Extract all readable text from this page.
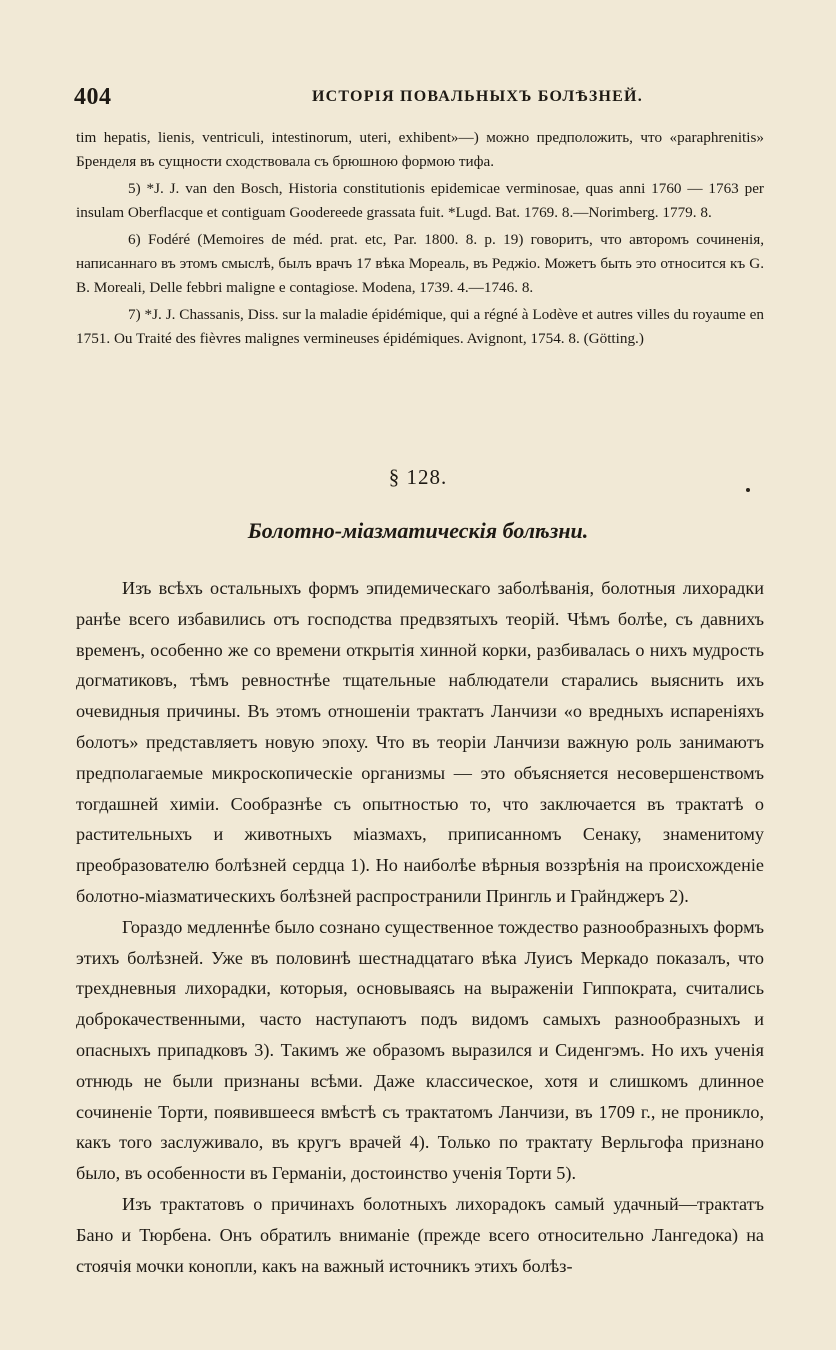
404	ИСТОРІЯ ПОВАЛЬНЫХЪ БОЛѢЗНЕЙ.

tim hepatis, lienis, ventriculi, intestinorum, uteri, exhibent»—) можно предположить, что «paraphrenitis» Бренделя въ сущности сходствовала съ брюшною формою тифа.

5) *J. J. van den Bosch, Historia constitutionis epidemicae verminosae, quas anni 1760 — 1763 per insulam Oberflacque et contiguam Goodereede grassata fuit. *Lugd. Bat. 1769. 8.—Norimberg. 1779. 8.

6) Fodéré (Memoires de méd. prat. etc, Par. 1800. 8. p. 19) говоритъ, что авторомъ сочиненія, написаннаго въ этомъ смыслѣ, былъ врачъ 17 вѣка Мореаль, въ Реджіо. Можетъ быть это относится къ G. B. Moreali, Delle febbri maligne e contagiose. Modena, 1739. 4.—1746. 8.

7) *J. J. Chassanis, Diss. sur la maladie épidémique, qui a régné à Lodève et autres villes du royaume en 1751. Ou Traité des fièvres malignes vermineuses épidémiques. Avignont, 1754. 8. (Götting.)

§ 128.
Болотно-міазматическія болѣзни.

Изъ всѣхъ остальныхъ формъ эпидемическаго заболѣванія, болотныя лихорадки ранѣе всего избавились отъ господства предвзятыхъ теорій. Чѣмъ болѣе, съ давнихъ временъ, особенно же со времени открытія хинной корки, разбивалась о нихъ мудрость догматиковъ, тѣмъ ревностнѣе тщательные наблюдатели старались выяснить ихъ очевидныя причины. Въ этомъ отношеніи трактатъ Ланчизи «о вредныхъ испареніяхъ болотъ» представляетъ новую эпоху. Что въ теоріи Ланчизи важную роль занимаютъ предполагаемые микроскопическіе организмы — это объясняется несовершенствомъ тогдашней химіи. Сообразнѣе съ опытностью то, что заключается въ трактатѣ о растительныхъ и животныхъ міазмахъ, приписанномъ Сенаку, знаменитому преобразователю болѣзней сердца 1). Но наиболѣе вѣрныя воззрѣнія на происхожденіе болотно-міазматическихъ болѣзней распространили Прингль и Грайнджеръ 2).

Гораздо медленнѣе было сознано существенное тождество разнообразныхъ формъ этихъ болѣзней. Уже въ половинѣ шестнадцатаго вѣка Луисъ Меркадо показалъ, что трехдневныя лихорадки, которыя, основываясь на выраженіи Гиппократа, считались доброкачественными, часто наступаютъ подъ видомъ самыхъ разнообразныхъ и опасныхъ припадковъ 3). Такимъ же образомъ выразился и Сиденгэмъ. Но ихъ ученія отнюдь не были признаны всѣми. Даже классическое, хотя и слишкомъ длинное сочиненіе Торти, появившееся вмѣстѣ съ трактатомъ Ланчизи, въ 1709 г., не проникло, какъ того заслуживало, въ кругъ врачей 4). Только по трактату Верльгофа признано было, въ особенности въ Германіи, достоинство ученія Торти 5).

Изъ трактатовъ о причинахъ болотныхъ лихорадокъ самый удачный—трактатъ Бано и Тюрбена. Онъ обратилъ вниманіе (прежде всего относительно Лангедока) на стоячія мочки конопли, какъ на важный источникъ этихъ болѣз-
